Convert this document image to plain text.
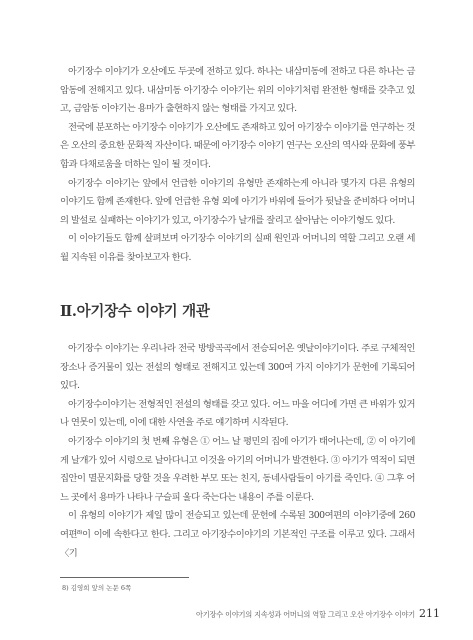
아기장수 이야기가 오산에도 두곳에 전하고 있다. 하나는 내삼미동에 전하고 다른 하나는 금암동에 전해지고 있다. 내삼미동 아기장수 이야기는 위의 이야기처럼 완전한 형태를 갖추고 있고, 금암동 이야기는 용마가 출현하지 않는 형태를 가지고 있다.

전국에 분포하는 아기장수 이야기가 오산에도 존재하고 있어 아기장수 이야기를 연구하는 것은 오산의 중요한 문화적 자산이다. 때문에 아기장수 이야기 연구는 오산의 역사와 문화에 풍부함과 다채로움을 더하는 일이 될 것이다.

아기장수 이야기는 앞에서 언급한 이야기의 유형만 존재하는게 아니라 몇가지 다른 유형의 이야기도 함께 존재한다. 앞에 언급한 유형 외에 아기가 바위에 들어가 뒷날을 준비하다 어머니의 발설로 실패하는 이야기가 있고, 아기장수가 날개를 잘리고 살아남는 이야기형도 있다.

이 이야기들도 함께 살펴보며 아기장수 이야기의 실패 원인과 어머니의 역할 그리고 오랜 세월 지속된 이유를 찾아보고자 한다.

Ⅱ.아기장수 이야기 개관

아기장수 이야기는 우리나라 전국 방방곡곡에서 전승되어온 옛날이야기이다. 주로 구체적인 장소나 증거물이 있는 전설의 형태로 전해지고 있는데 300여 가지 이야기가 문헌에 기록되어 있다.

아기장수이야기는 전형적인 전설의 형태를 갖고 있다. 어느 마을 어디에 가면 큰 바위가 있거나 연못이 있는데, 이에 대한 사연을 주로 얘기하며 시작된다.

아기장수 이야기의 첫 번째 유형은 ① 어느 날 평민의 집에 아기가 태어나는데, ② 이 아기에게 날개가 있어 시렁으로 날아다니고 이것을 아기의 어머니가 발견한다. ③ 아기가 역적이 되면 집안이 멸문지화를 당할 것을 우려한 부모 또는 친지, 동네사람들이 아기를 죽인다. ④ 그후 어느 곳에서 용마가 나타나 구슬피 울다 죽는다는 내용이 주를 이룬다.

이 유형의 이야기가 제일 많이 전승되고 있는데 문헌에 수록된 300여편의 이야기중에 260여편⁸⁾이 이에 속한다고 한다. 그리고 아기장수이야기의 기본적인 구조를 이루고 있다. 그래서 〈기

8) 김영희 앞의 논문 6쪽

아기장수 이야기의 지속성과 어머니의 역할 그리고 오산 아기장수 이야기 211
